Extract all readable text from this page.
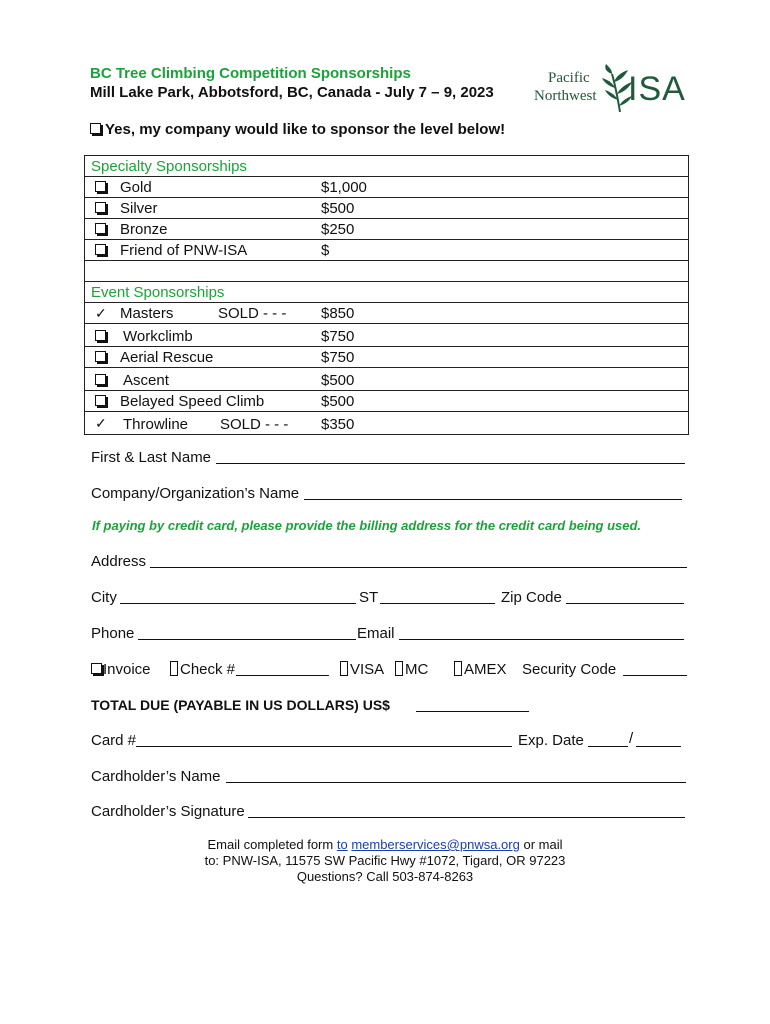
BC Tree Climbing Competition Sponsorships
Mill Lake Park, Abbotsford, BC, Canada - July 7 – 9, 2023
Pacific
Northwest ISA
Yes, my company would like to sponsor the level below!
Specialty Sponsorships
Gold	$1,000
Silver	$500
Bronze	$250
Friend of PNW-ISA	$
Event Sponsorships
✓ Masters	SOLD - - - $850
Workclimb	$750
Aerial Rescue	$750
Ascent	$500
Belayed Speed Climb	$500
✓ Throwline SOLD - - - $350
First & Last Name
Company/Organization’s Name
If paying by credit card, please provide the billing address for the credit card being used.
Address
City	ST	Zip Code
Phone	Email
Invoice	Check #	VISA	MC	AMEX Security Code
TOTAL DUE (PAYABLE IN US DOLLARS) US$
Card #	Exp. Date	/
Cardholder’s Name
Cardholder’s Signature
Email completed form to memberservices@pnwsa.org or mail
to: PNW-ISA, 11575 SW Pacific Hwy #1072, Tigard, OR 97223
Questions? Call 503-874-8263
